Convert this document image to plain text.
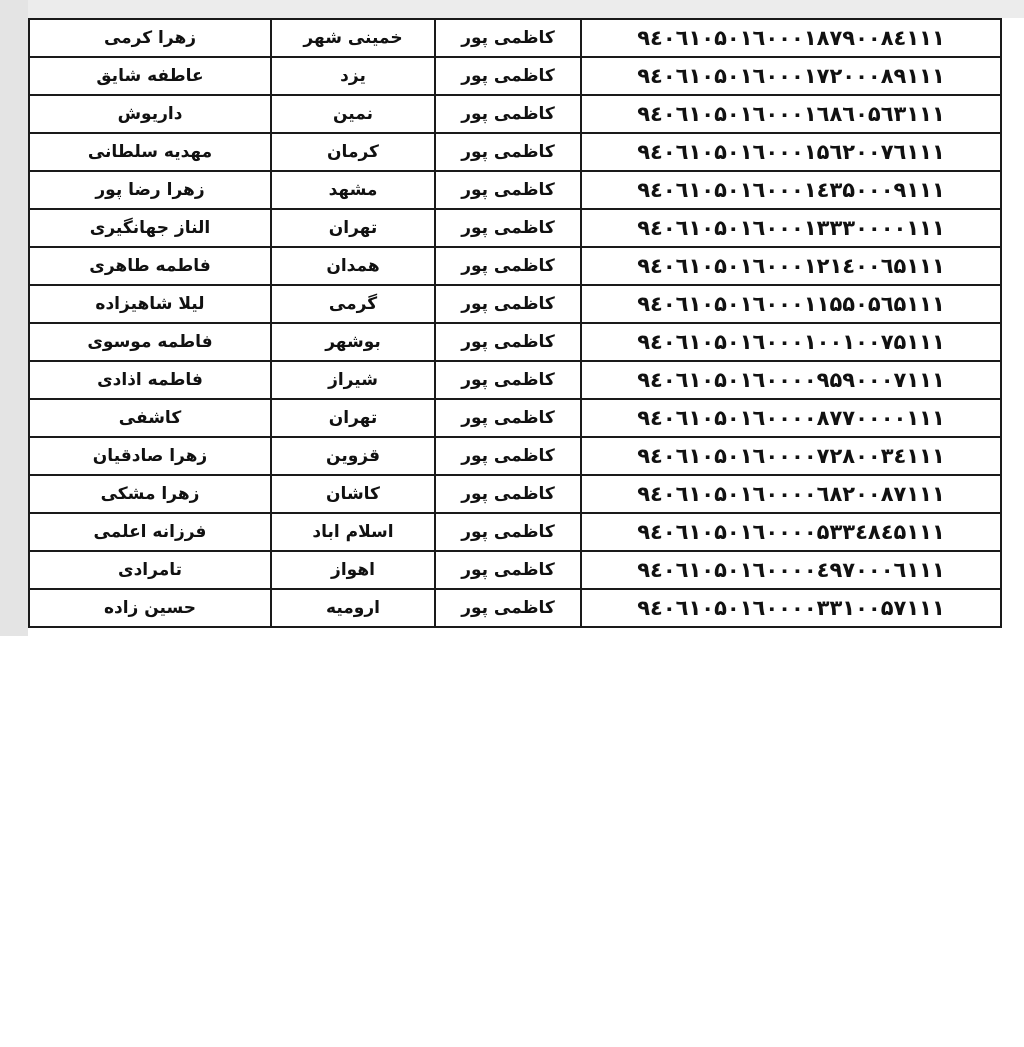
۹٤۰٦۱۰۵۰۱٦۰۰۰۱۸۷۹۰۰۸٤۱۱۱	کاظمی پور	خمینی شهر	زهرا کرمی
۹٤۰٦۱۰۵۰۱٦۰۰۰۱۷۲۰۰۰۸۹۱۱۱	کاظمی پور	یزد	عاطفه شایق
۹٤۰٦۱۰۵۰۱٦۰۰۰۱٦۸٦۰۵٦۳۱۱۱	کاظمی پور	نمین	داریوش
۹٤۰٦۱۰۵۰۱٦۰۰۰۱۵٦۲۰۰۷٦۱۱۱	کاظمی پور	کرمان	مهدیه سلطانی
۹٤۰٦۱۰۵۰۱٦۰۰۰۱٤۳۵۰۰۰۹۱۱۱	کاظمی پور	مشهد	زهرا رضا پور
۹٤۰٦۱۰۵۰۱٦۰۰۰۱۳۳۳۰۰۰۰۱۱۱	کاظمی پور	تهران	الناز جهانگیری
۹٤۰٦۱۰۵۰۱٦۰۰۰۱۲۱٤۰۰٦۵۱۱۱	کاظمی پور	همدان	فاطمه طاهری
۹٤۰٦۱۰۵۰۱٦۰۰۰۱۱۵۵۰۵٦۵۱۱۱	کاظمی پور	گرمی	لیلا شاهیزاده
۹٤۰٦۱۰۵۰۱٦۰۰۰۱۰۰۱۰۰۷۵۱۱۱	کاظمی پور	بوشهر	فاطمه موسوی
۹٤۰٦۱۰۵۰۱٦۰۰۰۰۹۵۹۰۰۰۷۱۱۱	کاظمی پور	شیراز	فاطمه اذادی
۹٤۰٦۱۰۵۰۱٦۰۰۰۰۸۷۷۰۰۰۰۱۱۱	کاظمی پور	تهران	کاشفی
۹٤۰٦۱۰۵۰۱٦۰۰۰۰۷۲۸۰۰۳٤۱۱۱	کاظمی پور	قزوین	زهرا صادقیان
۹٤۰٦۱۰۵۰۱٦۰۰۰۰٦۸۲۰۰۸۷۱۱۱	کاظمی پور	کاشان	زهرا مشکی
۹٤۰٦۱۰۵۰۱٦۰۰۰۰۵۳۳٤۸٤۵۱۱۱	کاظمی پور	اسلام اباد	فرزانه اعلمی
۹٤۰٦۱۰۵۰۱٦۰۰۰۰٤۹۷۰۰۰٦۱۱۱	کاظمی پور	اهواز	تامرادی
۹٤۰٦۱۰۵۰۱٦۰۰۰۰۳۳۱۰۰۵۷۱۱۱	کاظمی پور	ارومیه	حسین زاده
